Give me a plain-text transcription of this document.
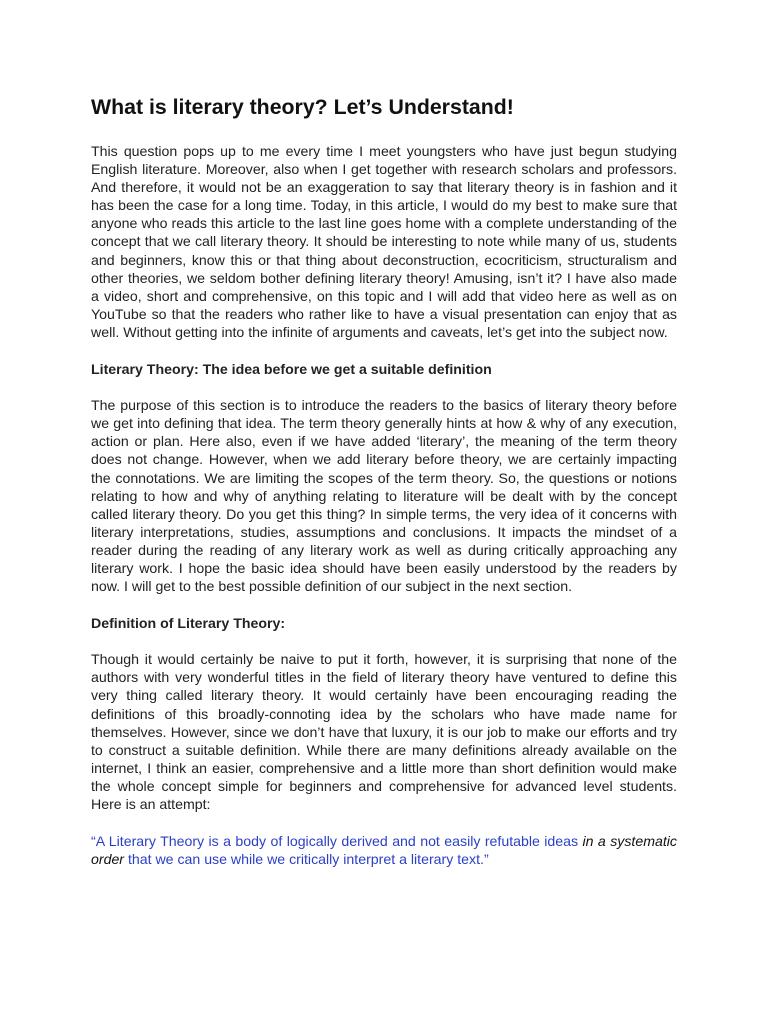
What is literary theory? Let’s Understand!

This question pops up to me every time I meet youngsters who have just begun studying English literature. Moreover, also when I get together with research scholars and professors. And therefore, it would not be an exaggeration to say that literary theory is in fashion and it has been the case for a long time. Today, in this article, I would do my best to make sure that anyone who reads this article to the last line goes home with a complete understanding of the concept that we call literary theory. It should be interesting to note while many of us, students and beginners, know this or that thing about deconstruction, ecocriticism, structuralism and other theories, we seldom bother defining literary theory! Amusing, isn’t it? I have also made a video, short and comprehensive, on this topic and I will add that video here as well as on YouTube so that the readers who rather like to have a visual presentation can enjoy that as well. Without getting into the infinite of arguments and caveats, let’s get into the subject now.

Literary Theory: The idea before we get a suitable definition

The purpose of this section is to introduce the readers to the basics of literary theory before we get into defining that idea. The term theory generally hints at how & why of any execution, action or plan. Here also, even if we have added ‘literary’, the meaning of the term theory does not change. However, when we add literary before theory, we are certainly impacting the connotations. We are limiting the scopes of the term theory. So, the questions or notions relating to how and why of anything relating to literature will be dealt with by the concept called literary theory. Do you get this thing? In simple terms, the very idea of it concerns with literary interpretations, studies, assumptions and conclusions. It impacts the mindset of a reader during the reading of any literary work as well as during critically approaching any literary work. I hope the basic idea should have been easily understood by the readers by now. I will get to the best possible definition of our subject in the next section.

Definition of Literary Theory:

Though it would certainly be naive to put it forth, however, it is surprising that none of the authors with very wonderful titles in the field of literary theory have ventured to define this very thing called literary theory. It would certainly have been encouraging reading the definitions of this broadly-connoting idea by the scholars who have made name for themselves. However, since we don’t have that luxury, it is our job to make our efforts and try to construct a suitable definition. While there are many definitions already available on the internet, I think an easier, comprehensive and a little more than short definition would make the whole concept simple for beginners and comprehensive for advanced level students. Here is an attempt:

“A Literary Theory is a body of logically derived and not easily refutable ideas in a systematic order that we can use while we critically interpret a literary text.”
